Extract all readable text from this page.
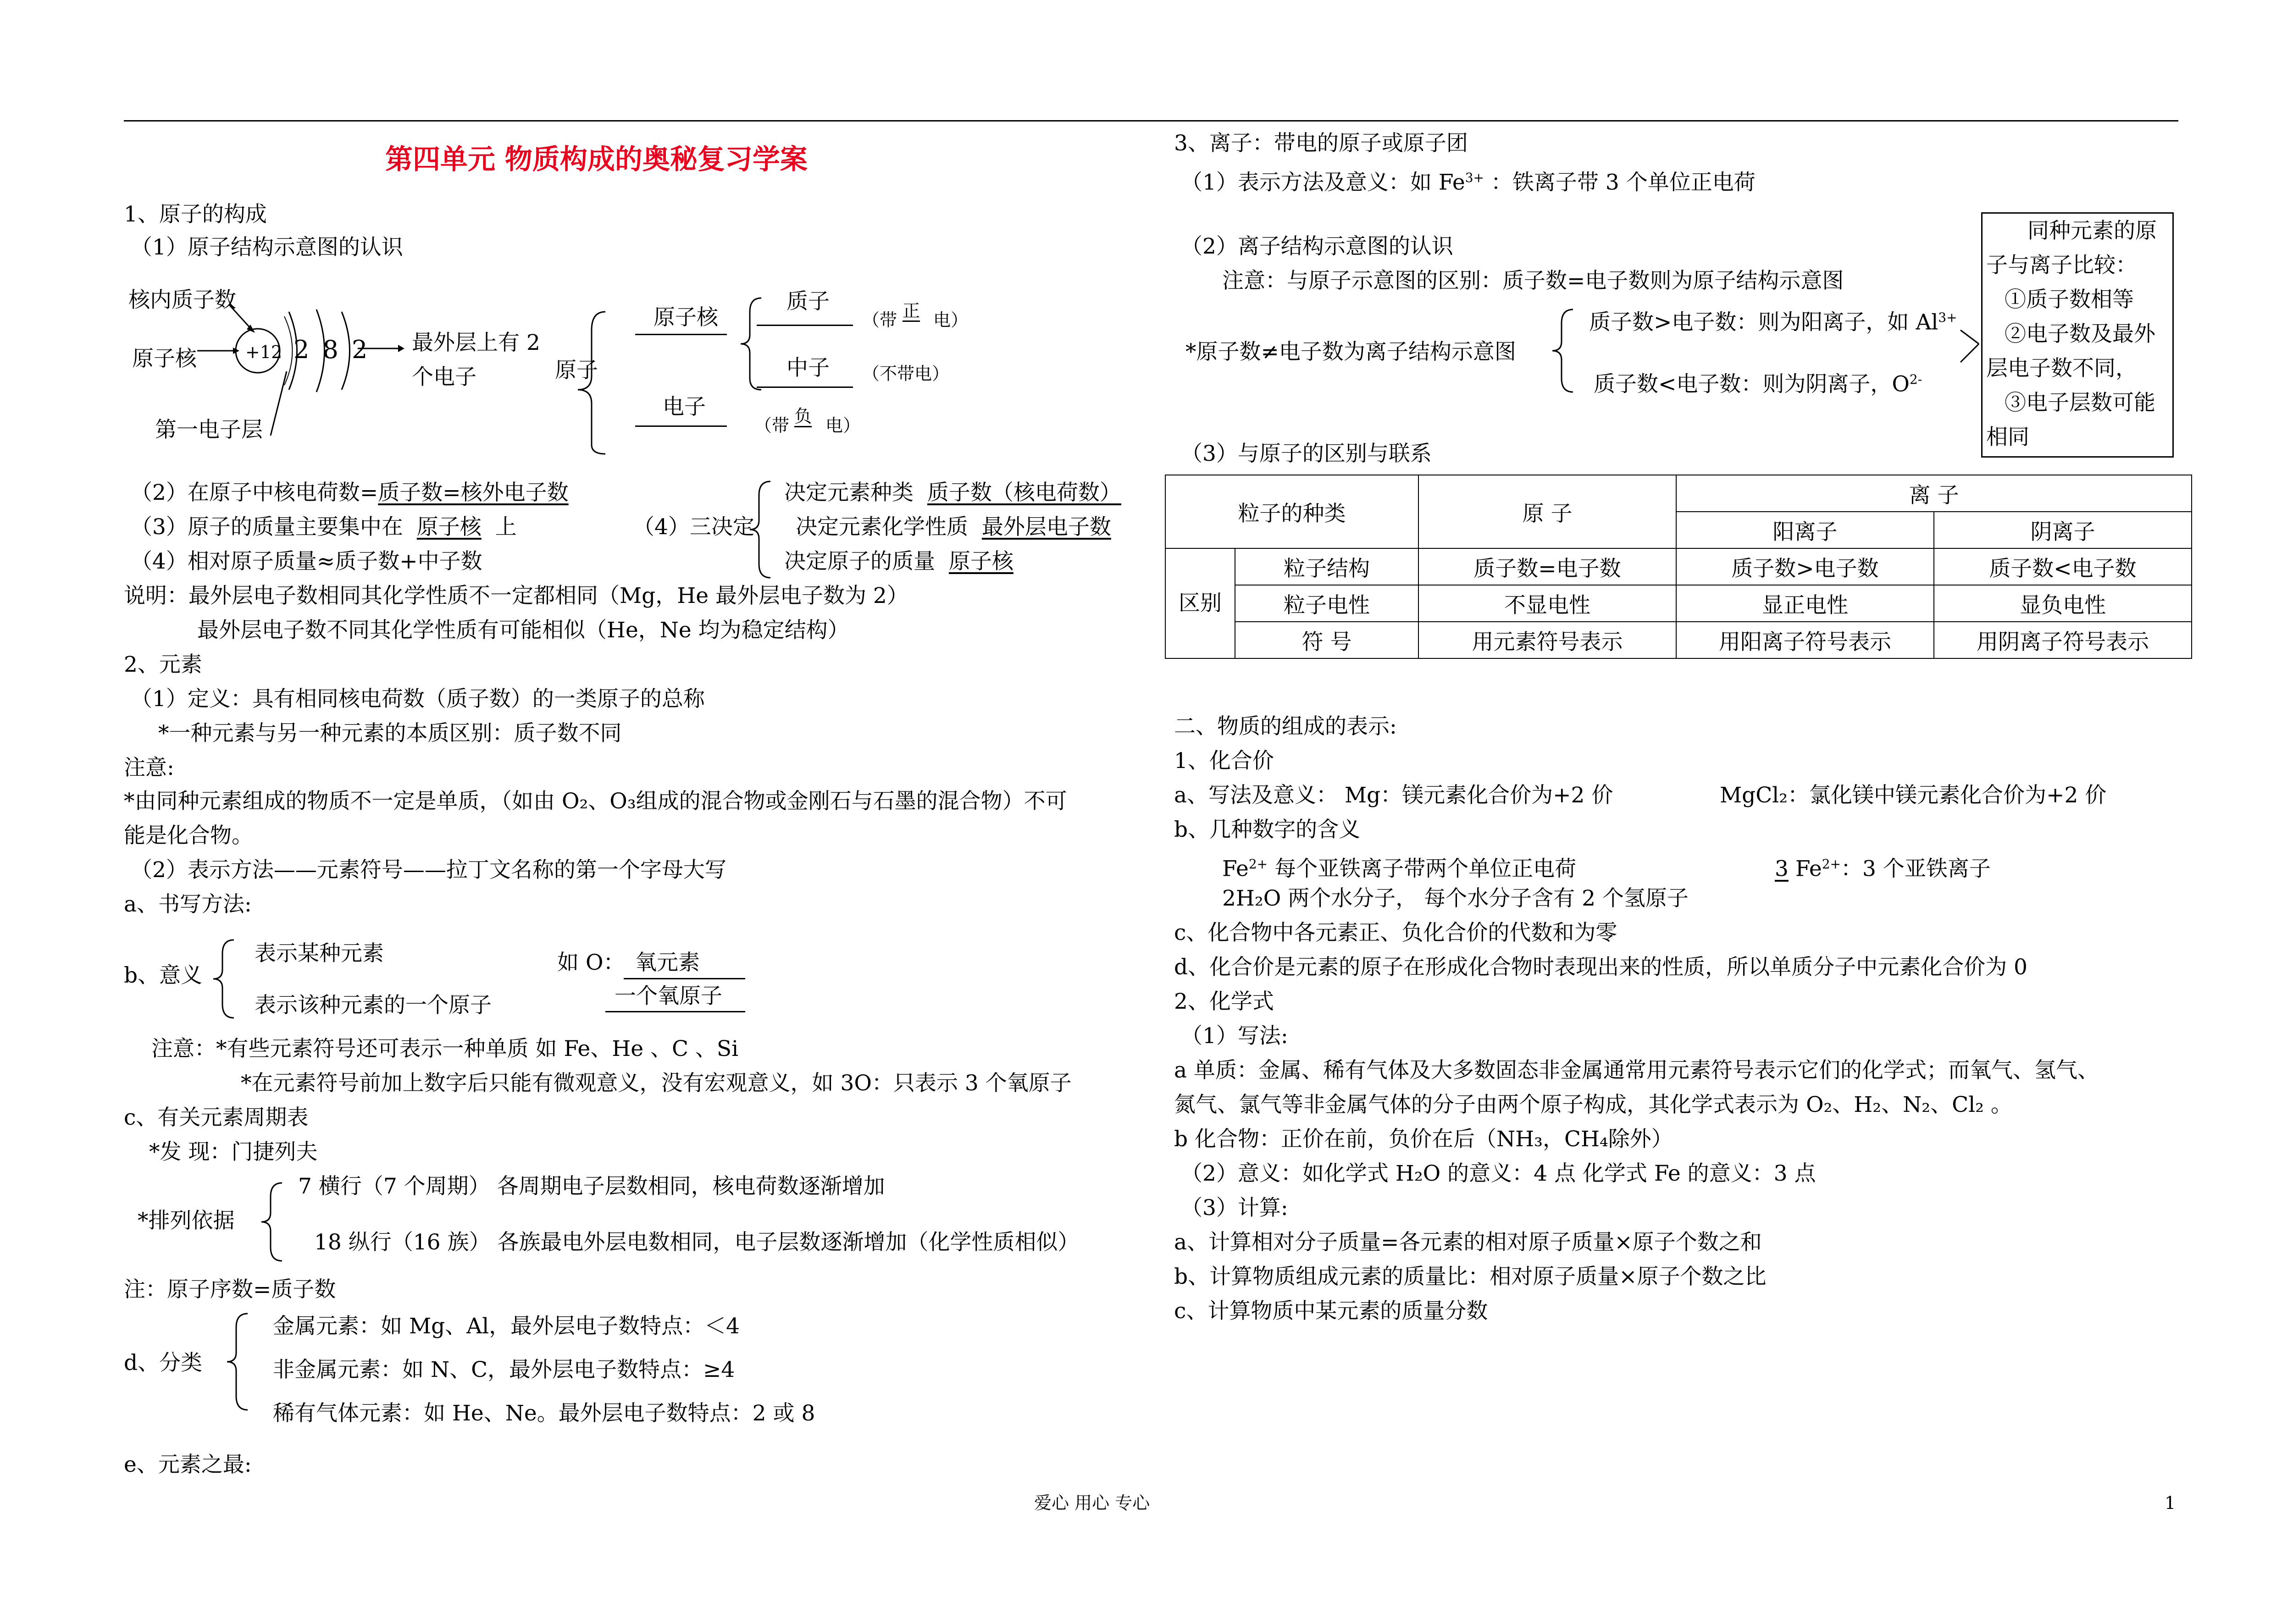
第四单元 物质构成的奥秘复习学案
1、原子的构成
（1）原子结构示意图的认识
核内质子数
原子核
第一电子层
+12 2 8 2 最外层上有 2
个电子	原子
原子核
质子
（带 正 电）
中子 （不带电）
电子
（带 负 电）
（2）在原子中核电荷数=质子数=核外电子数
（3）原子的质量主要集中在 原子核 上
（4）相对原子质量≈质子数+中子数
（4）三决定
决定元素种类 质子数（核电荷数）
决定元素化学性质 最外层电子数
决定原子的质量 原子核
说明：最外层电子数相同其化学性质不一定都相同（Mg，He 最外层电子数为 2）
最外层电子数不同其化学性质有可能相似（He，Ne 均为稳定结构）
2、元素
（1）定义：具有相同核电荷数（质子数）的一类原子的总称
*一种元素与另一种元素的本质区别：质子数不同
注意:
*由同种元素组成的物质不一定是单质，（如由 O₂、O₃组成的混合物或金刚石与石墨的混合物）不可
能是化合物。
（2）表示方法——元素符号——拉丁文名称的第一个字母大写
a、书写方法:
b、意义
表示某种元素
表示该种元素的一个原子
如 O： 氧元素
一个氧原子
注意：*有些元素符号还可表示一种单质 如 Fe、He 、C 、Si
*在元素符号前加上数字后只能有微观意义，没有宏观意义，如 3O：只表示 3 个氧原子
c、有关元素周期表
*发 现：门捷列夫
*排列依据
7 横行（7 个周期） 各周期电子层数相同，核电荷数逐渐增加
18 纵行（16 族） 各族最电外层电数相同，电子层数逐渐增加（化学性质相似）
注：原子序数=质子数
d、分类
金属元素：如 Mg、Al，最外层电子数特点：＜4
非金属元素：如 N、C，最外层电子数特点：≥4
稀有气体元素：如 He、Ne。最外层电子数特点：2 或 8
e、元素之最:
3、离子：带电的原子或原子团
（1）表示方法及意义：如 $Fe^{3+}$ ：铁离子带 3 个单位正电荷
（2）离子结构示意图的认识
注意：与原子示意图的区别：质子数=电子数则为原子结构示意图
*原子数≠电子数为离子结构示意图
质子数>电子数：则为阳离子，如 $Al^{3+}$
质子数<电子数：则为阴离子，$O^{2-}$
同种元素的原
子与离子比较：
①质子数相等
②电子数及最外
层电子数不同，
③电子层数可能
相同
（3）与原子的区别与联系
粒子的种类		原 子	离 子	
			阳离子	阴离子
区别	粒子结构	质子数=电子数	质子数>电子数	质子数<电子数
	粒子电性	不显电性	显正电性	显负电性
	符 号	用元素符号表示	用阳离子符号表示	用阴离子符号表示
二、物质的组成的表示:
1、化合价
a、写法及意义： Mg：镁元素化合价为+2 价	MgCl₂：氯化镁中镁元素化合价为+2 价
b、几种数字的含义
$Fe^{2+}$ 每个亚铁离子带两个单位正电荷	3 $Fe^{2+}$：3 个亚铁离子
2H₂O 两个水分子， 每个水分子含有 2 个氢原子
c、化合物中各元素正、负化合价的代数和为零
d、化合价是元素的原子在形成化合物时表现出来的性质，所以单质分子中元素化合价为 0
2、化学式
（1）写法:
a 单质：金属、稀有气体及大多数固态非金属通常用元素符号表示它们的化学式；而氧气、氢气、
氮气、氯气等非金属气体的分子由两个原子构成，其化学式表示为 O₂、H₂、N₂、Cl₂ 。
b 化合物：正价在前，负价在后（NH₃，CH₄除外）
（2）意义：如化学式 H₂O 的意义：4 点 化学式 Fe 的意义：3 点
（3）计算:
a、计算相对分子质量=各元素的相对原子质量×原子个数之和
b、计算物质组成元素的质量比：相对原子质量×原子个数之比
c、计算物质中某元素的质量分数
爱心 用心 专心	1
